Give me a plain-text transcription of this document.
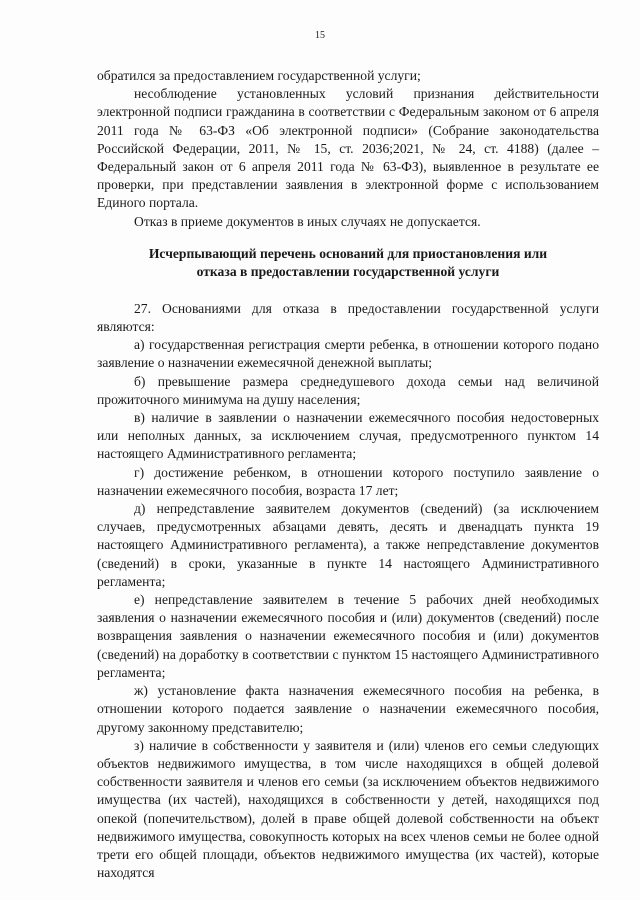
15

обратился за предоставлением государственной услуги;

несоблюдение установленных условий признания действительности электронной подписи гражданина в соответствии с Федеральным законом от 6 апреля 2011 года № 63-ФЗ «Об электронной подписи» (Собрание законодательства Российской Федерации, 2011, № 15, ст. 2036;2021, № 24, ст. 4188) (далее – Федеральный закон от 6 апреля 2011 года № 63-ФЗ), выявленное в результате ее проверки, при представлении заявления в электронной форме с использованием Единого портала.

Отказ в приеме документов в иных случаях не допускается.

Исчерпывающий перечень оснований для приостановления или
отказа в предоставлении государственной услуги

27. Основаниями для отказа в предоставлении государственной услуги являются:

а) государственная регистрация смерти ребенка, в отношении которого подано заявление о назначении ежемесячной денежной выплаты;

б) превышение размера среднедушевого дохода семьи над величиной прожиточного минимума на душу населения;

в) наличие в заявлении о назначении ежемесячного пособия недостоверных или неполных данных, за исключением случая, предусмотренного пунктом 14 настоящего Административного регламента;

г) достижение ребенком, в отношении которого поступило заявление о назначении ежемесячного пособия, возраста 17 лет;

д) непредставление заявителем документов (сведений) (за исключением случаев, предусмотренных абзацами девять, десять и двенадцать пункта 19 настоящего Административного регламента), а также непредставление документов (сведений) в сроки, указанные в пункте 14 настоящего Административного регламента;

е) непредставление заявителем в течение 5 рабочих дней необходимых заявления о назначении ежемесячного пособия и (или) документов (сведений) после возвращения заявления о назначении ежемесячного пособия и (или) документов (сведений) на доработку в соответствии с пунктом 15 настоящего Административного регламента;

ж) установление факта назначения ежемесячного пособия на ребенка, в отношении которого подается заявление о назначении ежемесячного пособия, другому законному представителю;

з) наличие в собственности у заявителя и (или) членов его семьи следующих объектов недвижимого имущества, в том числе находящихся в общей долевой собственности заявителя и членов его семьи (за исключением объектов недвижимого имущества (их частей), находящихся в собственности у детей, находящихся под опекой (попечительством), долей в праве общей долевой собственности на объект недвижимого имущества, совокупность которых на всех членов семьи не более одной трети его общей площади, объектов недвижимого имущества (их частей), которые находятся
